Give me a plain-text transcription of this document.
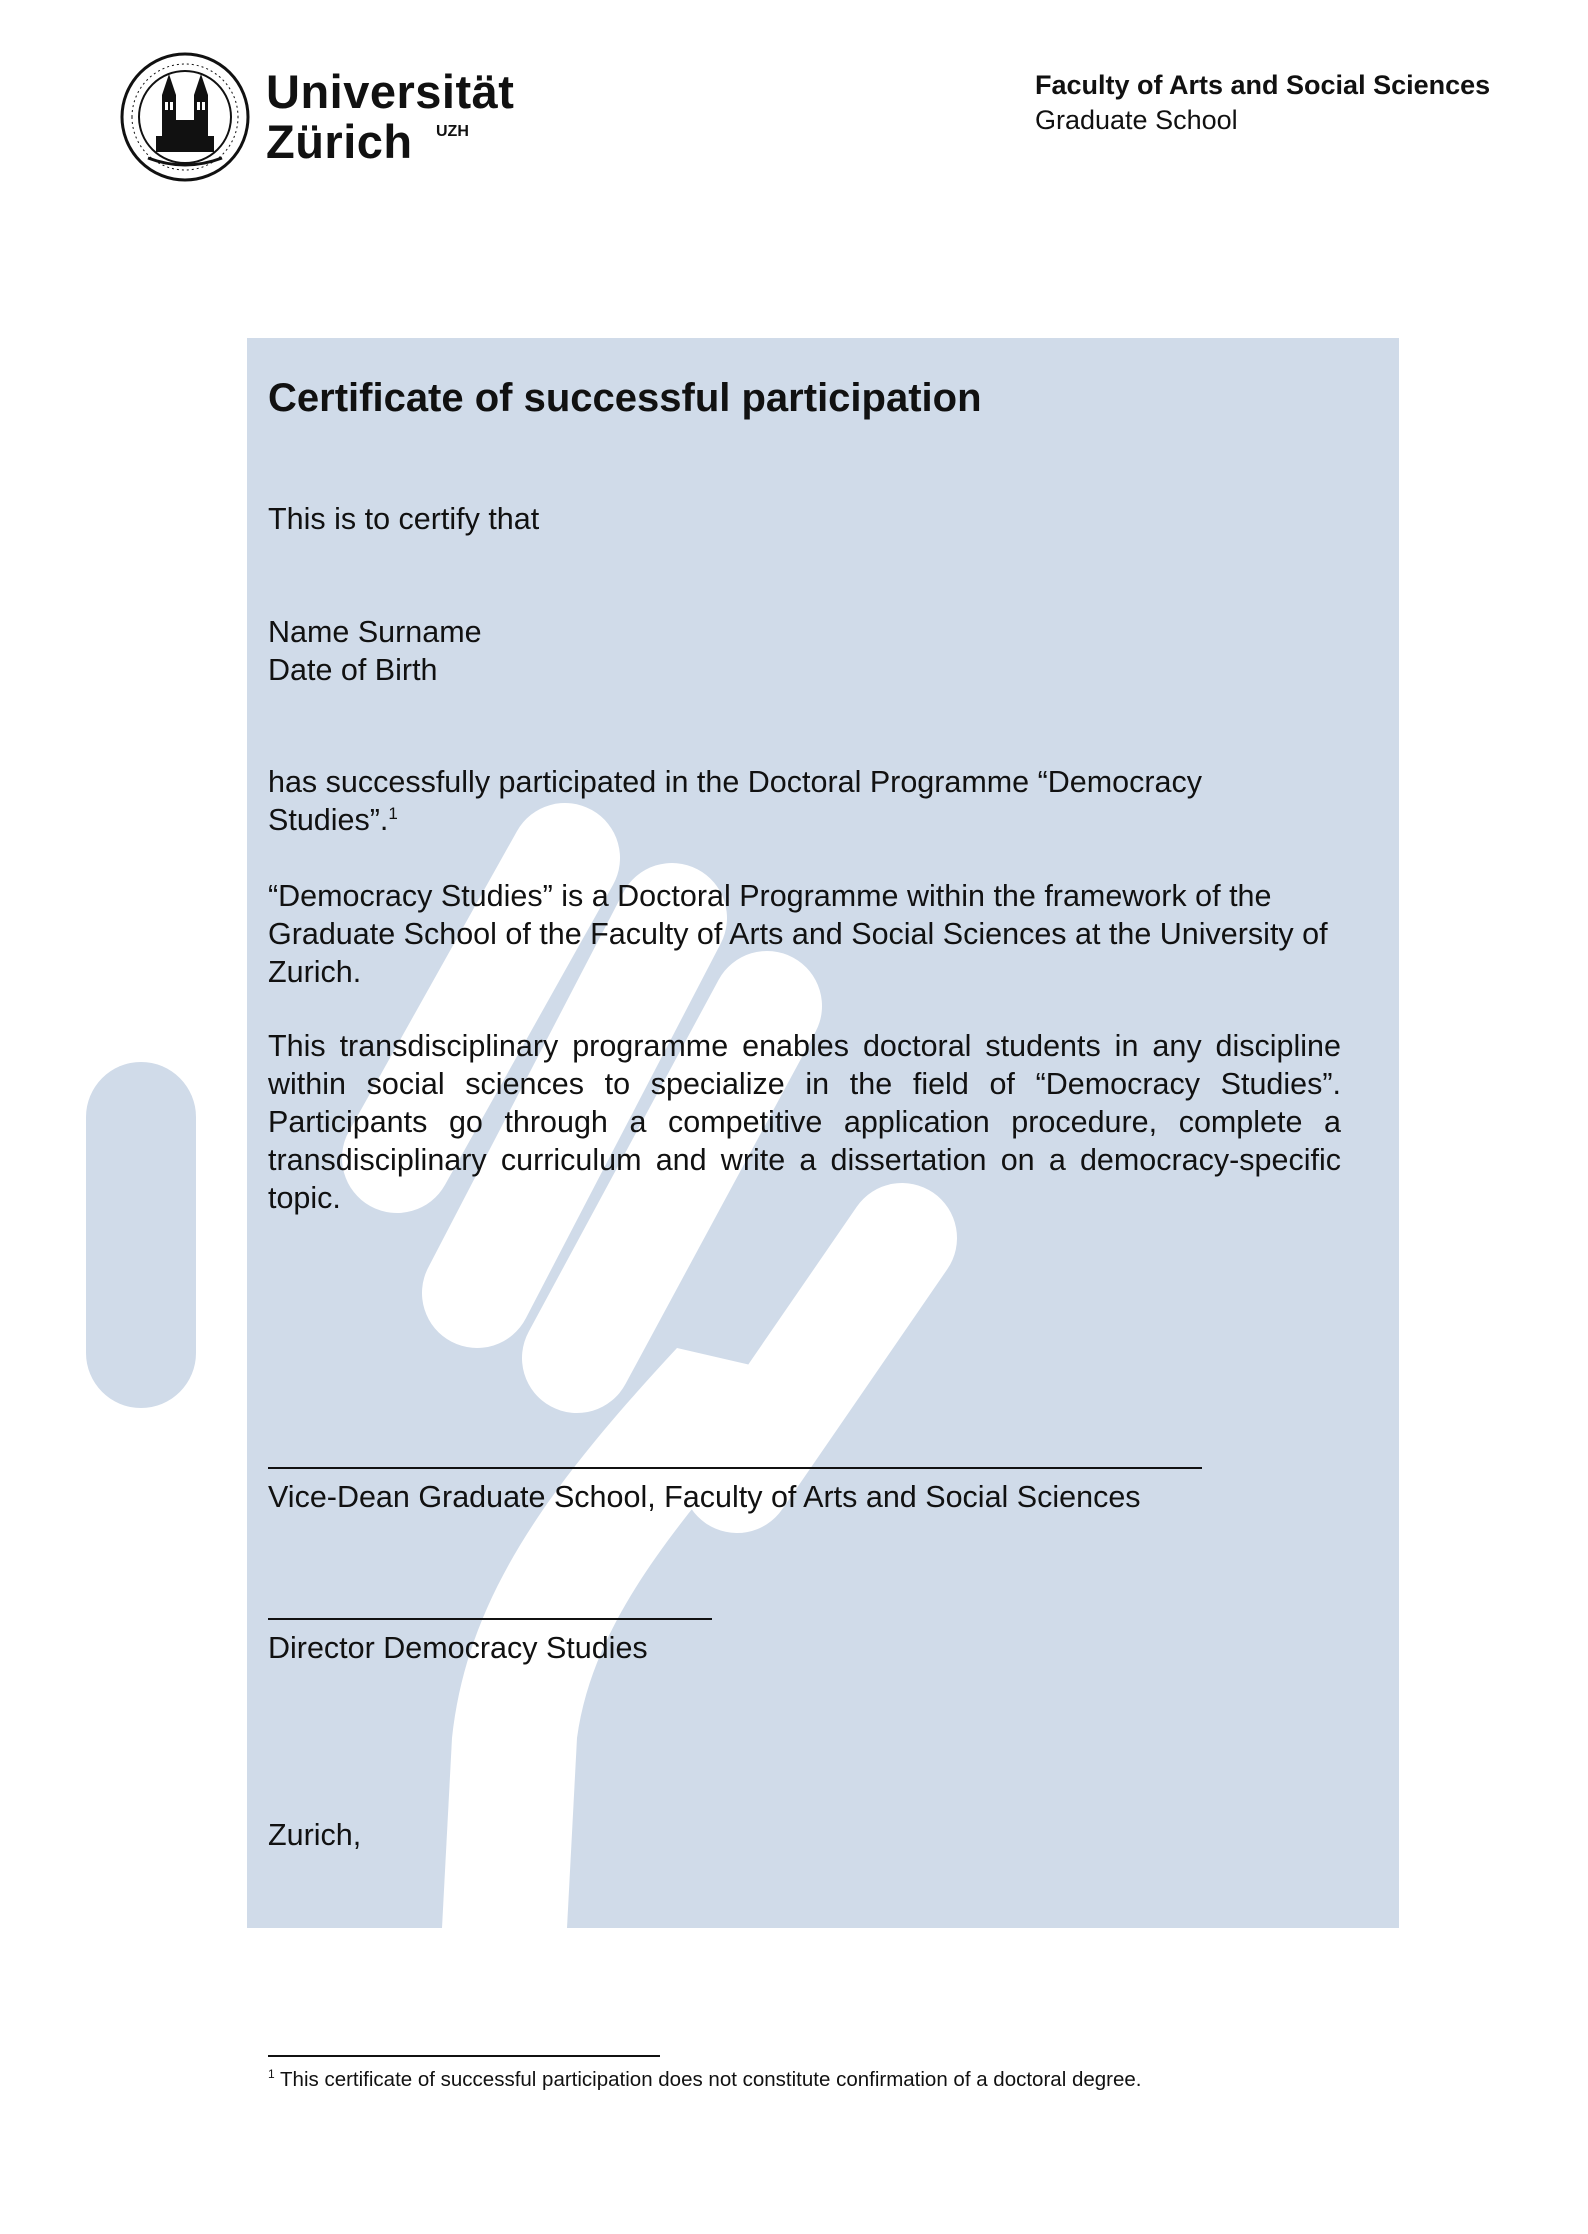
Universität
Zürich UZH
Faculty of Arts and Social Sciences
Graduate School
Certificate of successful participation
This is to certify that
Name Surname
Date of Birth
has successfully participated in the Doctoral Programme “Democracy Studies”.$^1$
“Democracy Studies” is a Doctoral Programme within the framework of the Graduate School of the Faculty of Arts and Social Sciences at the University of Zurich.
This transdisciplinary programme enables doctoral students in any discipline within social sciences to specialize in the field of “Democracy Studies”. Participants go through a competitive application procedure, complete a transdisciplinary curriculum and write a dissertation on a democracy-specific topic.
Vice-Dean Graduate School, Faculty of Arts and Social Sciences
Director Democracy Studies
Zurich,
$^1$ This certificate of successful participation does not constitute confirmation of a doctoral degree.
